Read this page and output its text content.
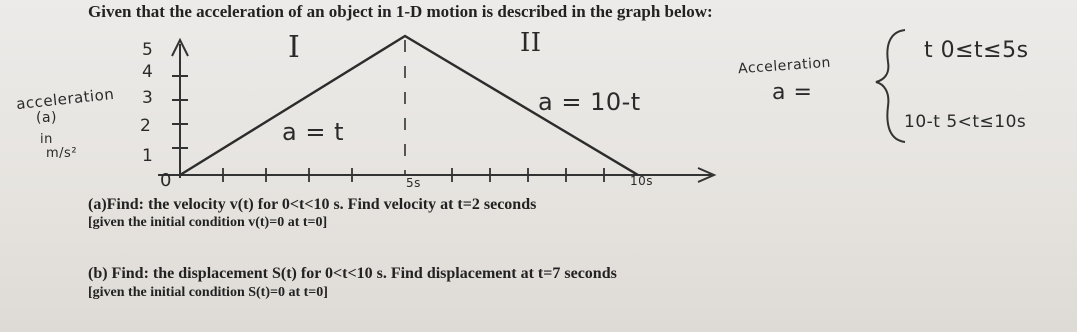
Given that the acceleration of an object in 1-D motion is described in the graph below:
acceleration
(a)
in
m/s²
5
4
3
2
1
0	5s	10s
I	II
a = t
a = 10-t
Acceleration
a =
t 0≤t≤5s
10-t 5<t≤10s
(a)Find: the velocity v(t) for 0<t<10 s. Find velocity at t=2 seconds
[given the initial condition v(t)=0 at t=0]
(b) Find: the displacement S(t) for 0<t<10 s. Find displacement at t=7 seconds
[given the initial condition S(t)=0 at t=0]
